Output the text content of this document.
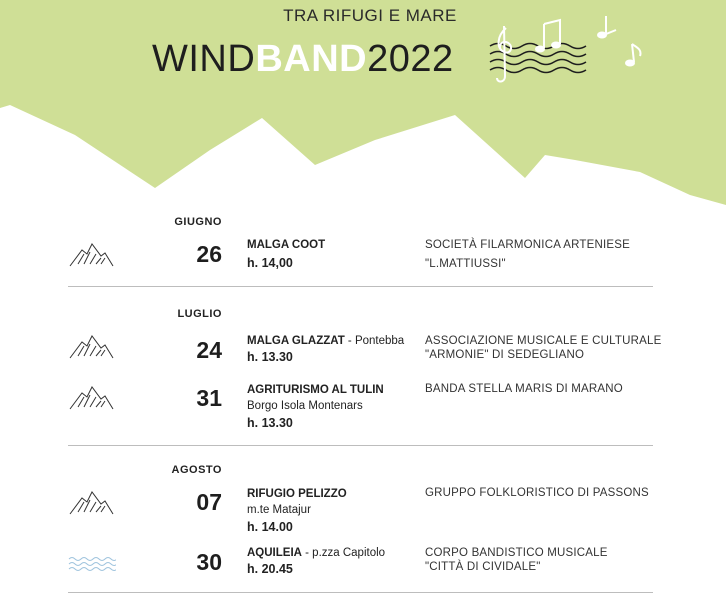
TRA RIFUGI E MARE
WINDBAND2022
GIUGNO
26 MALGA COOT
h. 14,00
SOCIETÀ FILARMONICA ARTENIESE
"L.MATTIUSSI"
LUGLIO
24 MALGA GLAZZAT - Pontebba
h. 13.30
ASSOCIAZIONE MUSICALE E CULTURALE
"ARMONIE" DI SEDEGLIANO
31 AGRITURISMO AL TULIN
Borgo Isola Montenars
h. 13.30
BANDA STELLA MARIS DI MARANO
AGOSTO
07 RIFUGIO PELIZZO
m.te Matajur
h. 14.00
GRUPPO FOLKLORISTICO DI PASSONS
30 AQUILEIA - p.zza Capitolo
h. 20.45
CORPO BANDISTICO MUSICALE
"CITTÀ DI CIVIDALE"
